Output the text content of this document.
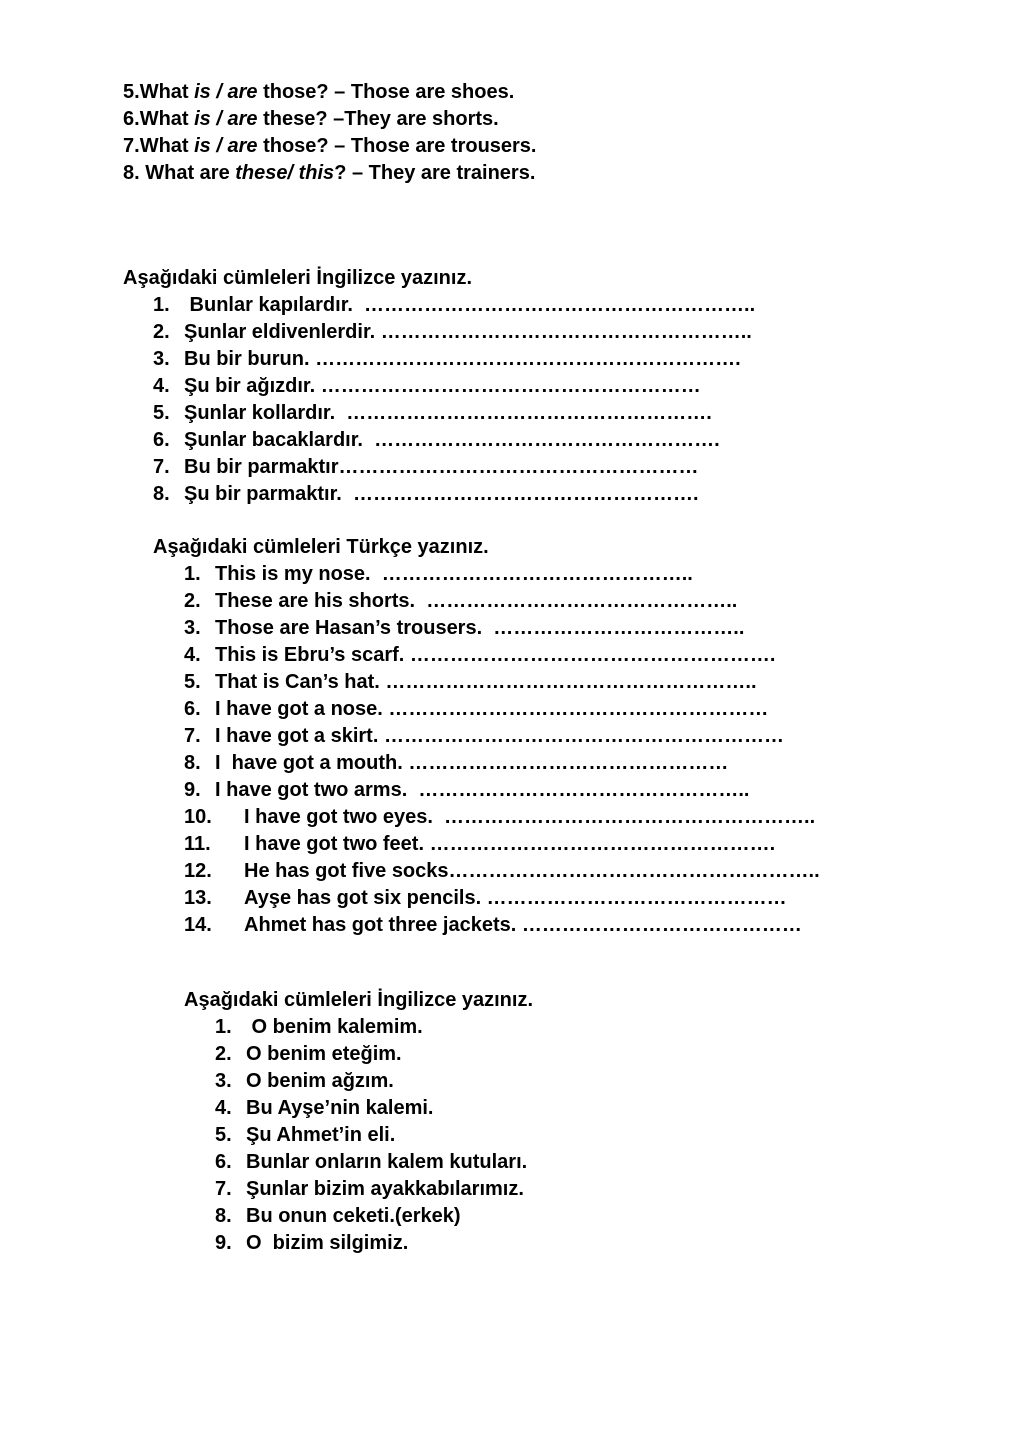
5.What is / are those? – Those are shoes.
6.What is / are these? –They are shorts.
7.What is / are those? – Those are trousers.
8. What are these/ this? – They are trainers.
Aşağıdaki cümleleri İngilizce yazınız.
1. Bunlar kapılardır.  …………………………………………………..
2. Şunlar eldivenlerdir. ………………………………………………..
3. Bu bir burun. ……………………………………………………….
4. Şu bir ağızdır. …………………………………………………
5. Şunlar kollardır.  ……………………………………………….
6. Şunlar bacaklardır.  …………………………………………….
7. Bu bir parmaktır………………………………………………
8. Şu bir parmaktır.  …………………………………………….
Aşağıdaki cümleleri Türkçe yazınız.
1. This is my nose.  ………………………………………..
2. These are his shorts.  ………………………………………..
3. Those are Hasan’s trousers.  ………………………………..
4. This is Ebru’s scarf. ……………………………………………….
5. That is Can’s hat. ………………………………………………..
6. I have got a nose. …………………………………………………
7. I have got a skirt. ……………………………………………………
8. I  have got a mouth. …………………………………………
9. I have got two arms.  …………………………………………..
10. I have got two eyes.  ………………………………………………..
11. I have got two feet. …………………………………………….
12. He has got five socks………………………………………………..
13. Ayşe has got six pencils. ………………………………………
14. Ahmet has got three jackets. ……………………………………
Aşağıdaki cümleleri İngilizce yazınız.
1. O benim kalemim.
2. O benim eteğim.
3. O benim ağzım.
4. Bu Ayşe’nin kalemi.
5. Şu Ahmet’in eli.
6. Bunlar onların kalem kutuları.
7. Şunlar bizim ayakkabılarımız.
8. Bu onun ceketi.(erkek)
9. O  bizim silgimiz.
